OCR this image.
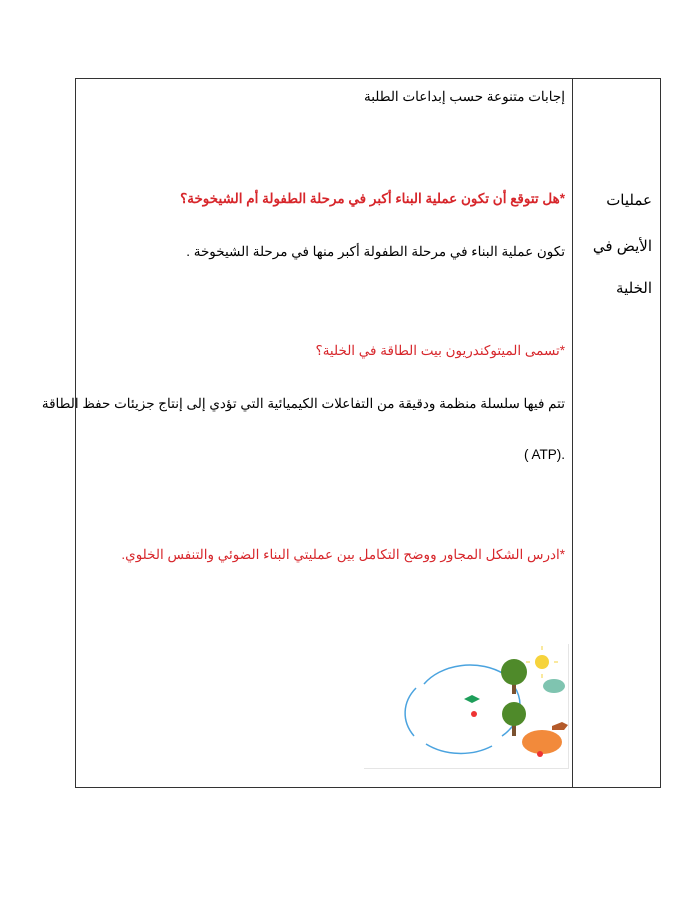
إجابات متنوعة حسب إبداعات الطلبة
*هل تتوقع أن تكون عملية البناء أكبر في مرحلة الطفولة أم الشيخوخة؟
تكون عملية البناء في مرحلة الطفولة أكبر منها في مرحلة الشيخوخة .
*تسمى الميتوكندريون بيت الطاقة في الخلية؟
تتم فيها سلسلة منظمة ودقيقة من التفاعلات الكيميائية التي تؤدي إلى إنتاج جزيئات حفظ الطاقة
( ATP).
*ادرس الشكل المجاور ووضح التكامل بين عمليتي البناء الضوئي والتنفس الخلوي.
عمليات
الأيض في
الخلية
